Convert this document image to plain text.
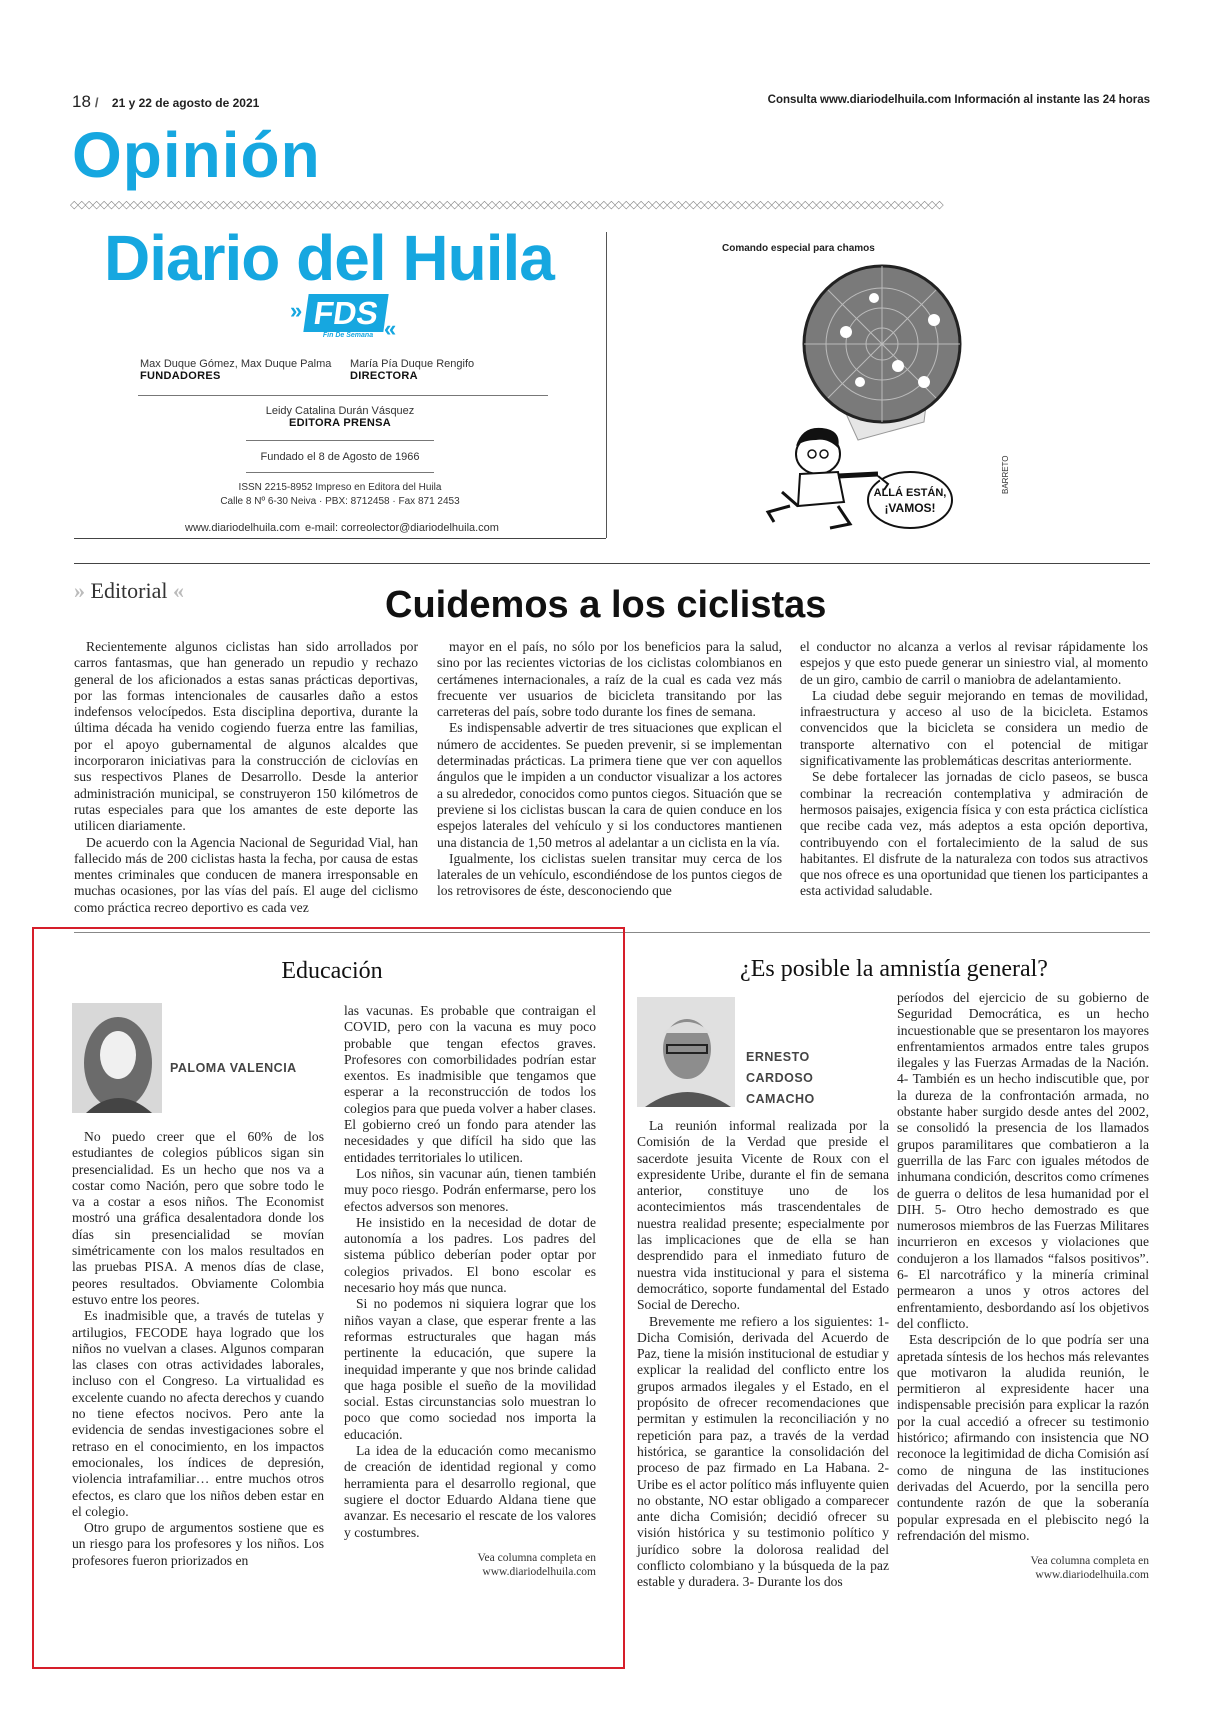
18 / 21 y 22 de agosto de 2021	Consulta www.diariodelhuila.com Información al instante las 24 horas
Opinión
◇◇◇◇◇◇◇◇◇◇◇◇◇◇◇◇◇◇◇◇◇◇◇◇◇◇◇◇◇◇◇◇◇◇◇◇◇◇◇◇◇◇◇◇◇◇◇◇◇◇◇◇◇◇◇◇◇◇◇◇◇◇◇◇◇◇◇◇◇◇◇◇◇◇◇◇◇◇◇◇◇◇◇◇◇◇◇◇◇◇◇◇◇◇◇◇◇◇◇◇◇◇◇◇◇◇◇◇◇◇◇◇◇◇◇◇◇
Diario del Huila
» FDS
Fin De Semana «
Max Duque Gómez, Max Duque Palma
FUNDADORES
María Pía Duque Rengifo
DIRECTORA
Leidy Catalina Durán Vásquez
EDITORA PRENSA
Fundado el 8 de Agosto de 1966
ISSN 2215-8952 Impreso en Editora del Huila
Calle 8 Nº 6-30 Neiva · PBX: 8712458 · Fax 871 2453
www.diariodelhuila.com e-mail: correolector@diariodelhuila.com
Comando especial para chamos
ALLÁ ESTÁN,
¡VAMOS!
BARRETO
» Editorial «	Cuidemos a los ciclistas

Recientemente algunos ciclistas han sido arrollados por carros fantasmas, que han generado un repudio y rechazo general de los aficionados a estas sanas prácticas deportivas, por las formas intencionales de causarles daño a estos indefensos velocípedos. Esta disciplina deportiva, durante la última década ha venido cogiendo fuerza entre las familias, por el apoyo gubernamental de algunos alcaldes que incorporaron iniciativas para la construcción de ciclovías en sus respectivos Planes de Desarrollo. Desde la anterior administración municipal, se construyeron 150 kilómetros de rutas especiales para que los amantes de este deporte las utilicen diariamente.

De acuerdo con la Agencia Nacional de Seguridad Vial, han fallecido más de 200 ciclistas hasta la fecha, por causa de estas mentes criminales que conducen de manera irresponsable en muchas ocasiones, por las vías del país. El auge del ciclismo como práctica recreo deportivo es cada vez

mayor en el país, no sólo por los beneficios para la salud, sino por las recientes victorias de los ciclistas colombianos en certámenes internacionales, a raíz de la cual es cada vez más frecuente ver usuarios de bicicleta transitando por las carreteras del país, sobre todo durante los fines de semana.

Es indispensable advertir de tres situaciones que explican el número de accidentes. Se pueden prevenir, si se implementan determinadas prácticas. La primera tiene que ver con aquellos ángulos que le impiden a un conductor visualizar a los actores a su alrededor, conocidos como puntos ciegos. Situación que se previene si los ciclistas buscan la cara de quien conduce en los espejos laterales del vehículo y si los conductores mantienen una distancia de 1,50 metros al adelantar a un ciclista en la vía.

Igualmente, los ciclistas suelen transitar muy cerca de los laterales de un vehículo, escondiéndose de los puntos ciegos de los retrovisores de éste, desconociendo que

el conductor no alcanza a verlos al revisar rápidamente los espejos y que esto puede generar un siniestro vial, al momento de un giro, cambio de carril o maniobra de adelantamiento.

La ciudad debe seguir mejorando en temas de movilidad, infraestructura y acceso al uso de la bicicleta. Estamos convencidos que la bicicleta se considera un medio de transporte alternativo con el potencial de mitigar significativamente las problemáticas descritas anteriormente.

Se debe fortalecer las jornadas de ciclo paseos, se busca combinar la recreación contemplativa y admiración de hermosos paisajes, exigencia física y con esta práctica ciclística que recibe cada vez, más adeptos a esta opción deportiva, contribuyendo con el fortalecimiento de la salud de sus habitantes. El disfrute de la naturaleza con todos sus atractivos que nos ofrece es una oportunidad que tienen los participantes a esta actividad saludable.

Educación
PALOMA VALENCIA

No puedo creer que el 60% de los estudiantes de colegios públicos sigan sin presencialidad. Es un hecho que nos va a costar como Nación, pero que sobre todo le va a costar a esos niños. The Economist mostró una gráfica desalentadora donde los días sin presencialidad se movían simétricamente con los malos resultados en las pruebas PISA. A menos días de clase, peores resultados. Obviamente Colombia estuvo entre los peores.

Es inadmisible que, a través de tutelas y artilugios, FECODE haya logrado que los niños no vuelvan a clases. Algunos comparan las clases con otras actividades laborales, incluso con el Congreso. La virtualidad es excelente cuando no afecta derechos y cuando no tiene efectos nocivos. Pero ante la evidencia de sendas investigaciones sobre el retraso en el conocimiento, en los impactos emocionales, los índices de depresión, violencia intrafamiliar… entre muchos otros efectos, es claro que los niños deben estar en el colegio.

Otro grupo de argumentos sostiene que es un riesgo para los profesores y los niños. Los profesores fueron priorizados en

las vacunas. Es probable que contraigan el COVID, pero con la vacuna es muy poco probable que tengan efectos graves. Profesores con comorbilidades podrían estar exentos. Es inadmisible que tengamos que esperar a la reconstrucción de todos los colegios para que pueda volver a haber clases. El gobierno creó un fondo para atender las necesidades y que difícil ha sido que las entidades territoriales lo utilicen.

Los niños, sin vacunar aún, tienen también muy poco riesgo. Podrán enfermarse, pero los efectos adversos son menores.

He insistido en la necesidad de dotar de autonomía a los padres. Los padres del sistema público deberían poder optar por colegios privados. El bono escolar es necesario hoy más que nunca.

Si no podemos ni siquiera lograr que los niños vayan a clase, que esperar frente a las reformas estructurales que hagan más pertinente la educación, que supere la inequidad imperante y que nos brinde calidad que haga posible el sueño de la movilidad social. Estas circunstancias solo muestran lo poco que como sociedad nos importa la educación.

La idea de la educación como mecanismo de creación de identidad regional y como herramienta para el desarrollo regional, que sugiere el doctor Eduardo Aldana tiene que avanzar. Es necesario el rescate de los valores y costumbres.

Vea columna completa en
www.diariodelhuila.com
¿Es posible la amnistía general?
ERNESTO
CARDOSO
CAMACHO

La reunión informal realizada por la Comisión de la Verdad que preside el sacerdote jesuita Vicente de Roux con el expresidente Uribe, durante el fin de semana anterior, constituye uno de los acontecimientos más trascendentales de nuestra realidad presente; especialmente por las implicaciones que de ella se han desprendido para el inmediato futuro de nuestra vida institucional y para el sistema democrático, soporte fundamental del Estado Social de Derecho.

Brevemente me refiero a los siguientes: 1- Dicha Comisión, derivada del Acuerdo de Paz, tiene la misión institucional de estudiar y explicar la realidad del conflicto entre los grupos armados ilegales y el Estado, en el propósito de ofrecer recomendaciones que permitan y estimulen la reconciliación y no repetición para paz, a través de la verdad histórica, se garantice la consolidación del proceso de paz firmado en La Habana. 2- Uribe es el actor político más influyente quien no obstante, NO estar obligado a comparecer ante dicha Comisión; decidió ofrecer su visión histórica y su testimonio político y jurídico sobre la dolorosa realidad del conflicto colombiano y la búsqueda de la paz estable y duradera. 3- Durante los dos

períodos del ejercicio de su gobierno de Seguridad Democrática, es un hecho incuestionable que se presentaron los mayores enfrentamientos armados entre tales grupos ilegales y las Fuerzas Armadas de la Nación. 4- También es un hecho indiscutible que, por la dureza de la confrontación armada, no obstante haber surgido desde antes del 2002, se consolidó la presencia de los llamados grupos paramilitares que combatieron a la guerrilla de las Farc con iguales métodos de inhumana condición, descritos como crímenes de guerra o delitos de lesa humanidad por el DIH. 5- Otro hecho demostrado es que numerosos miembros de las Fuerzas Militares incurrieron en excesos y violaciones que condujeron a los llamados “falsos positivos”. 6- El narcotráfico y la minería criminal permearon a unos y otros actores del enfrentamiento, desbordando así los objetivos del conflicto.

Esta descripción de lo que podría ser una apretada síntesis de los hechos más relevantes que motivaron la aludida reunión, le permitieron al expresidente hacer una indispensable precisión para explicar la razón por la cual accedió a ofrecer su testimonio histórico; afirmando con insistencia que NO reconoce la legitimidad de dicha Comisión así como de ninguna de las instituciones derivadas del Acuerdo, por la sencilla pero contundente razón de que la soberanía popular expresada en el plebiscito negó la refrendación del mismo.

Vea columna completa en
www.diariodelhuila.com
